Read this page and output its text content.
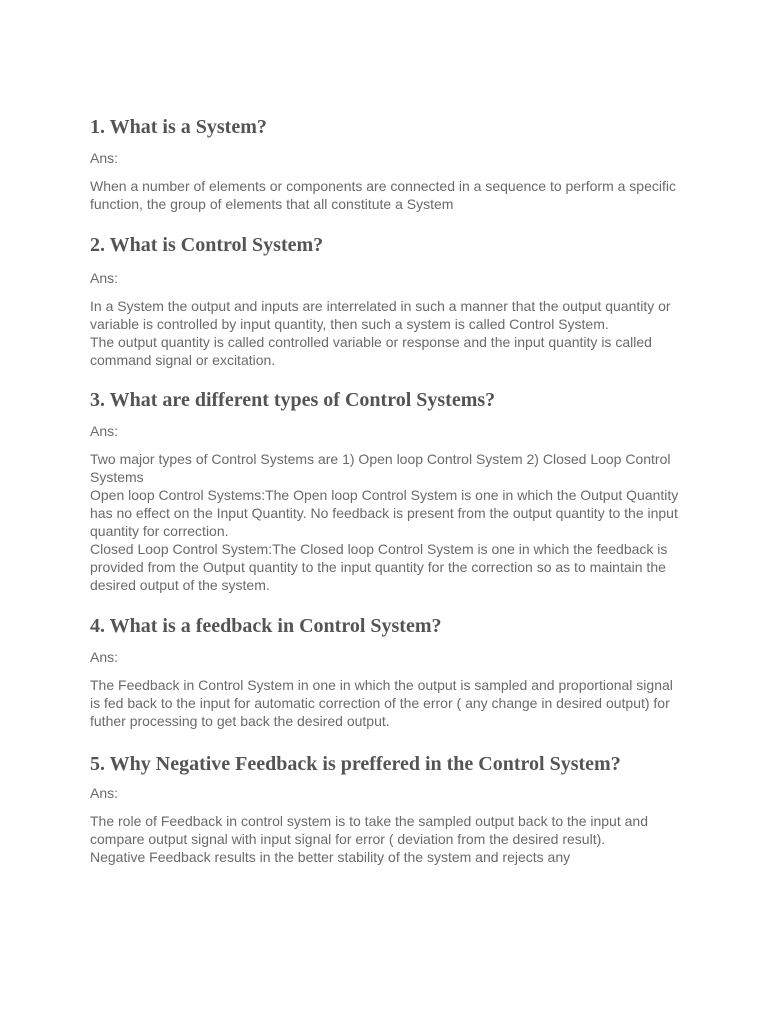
1. What is a System?
Ans:

When a number of elements or components are connected in a sequence to perform a specific function, the group of elements that all constitute a System

2. What is Control System?
Ans:

In a System the output and inputs are interrelated in such a manner that the output quantity or variable is controlled by input quantity, then such a system is called Control System.

The output quantity is called controlled variable or response and the input quantity is called command signal or excitation.

3. What are different types of Control Systems?
Ans:

Two major types of Control Systems are 1) Open loop Control System 2) Closed Loop Control Systems

Open loop Control Systems:The Open loop Control System is one in which the Output Quantity has no effect on the Input Quantity. No feedback is present from the output quantity to the input quantity for correction.

Closed Loop Control System:The Closed loop Control System is one in which the feedback is provided from the Output quantity to the input quantity for the correction so as to maintain the desired output of the system.

4. What is a feedback in Control System?
Ans:

The Feedback in Control System in one in which the output is sampled and proportional signal is fed back to the input for automatic correction of the error ( any change in desired output) for futher processing to get back the desired output.

5. Why Negative Feedback is preffered in the Control System?
Ans:

The role of Feedback in control system is to take the sampled output back to the input and compare output signal with input signal for error ( deviation from the desired result).

Negative Feedback results in the better stability of the system and rejects any
